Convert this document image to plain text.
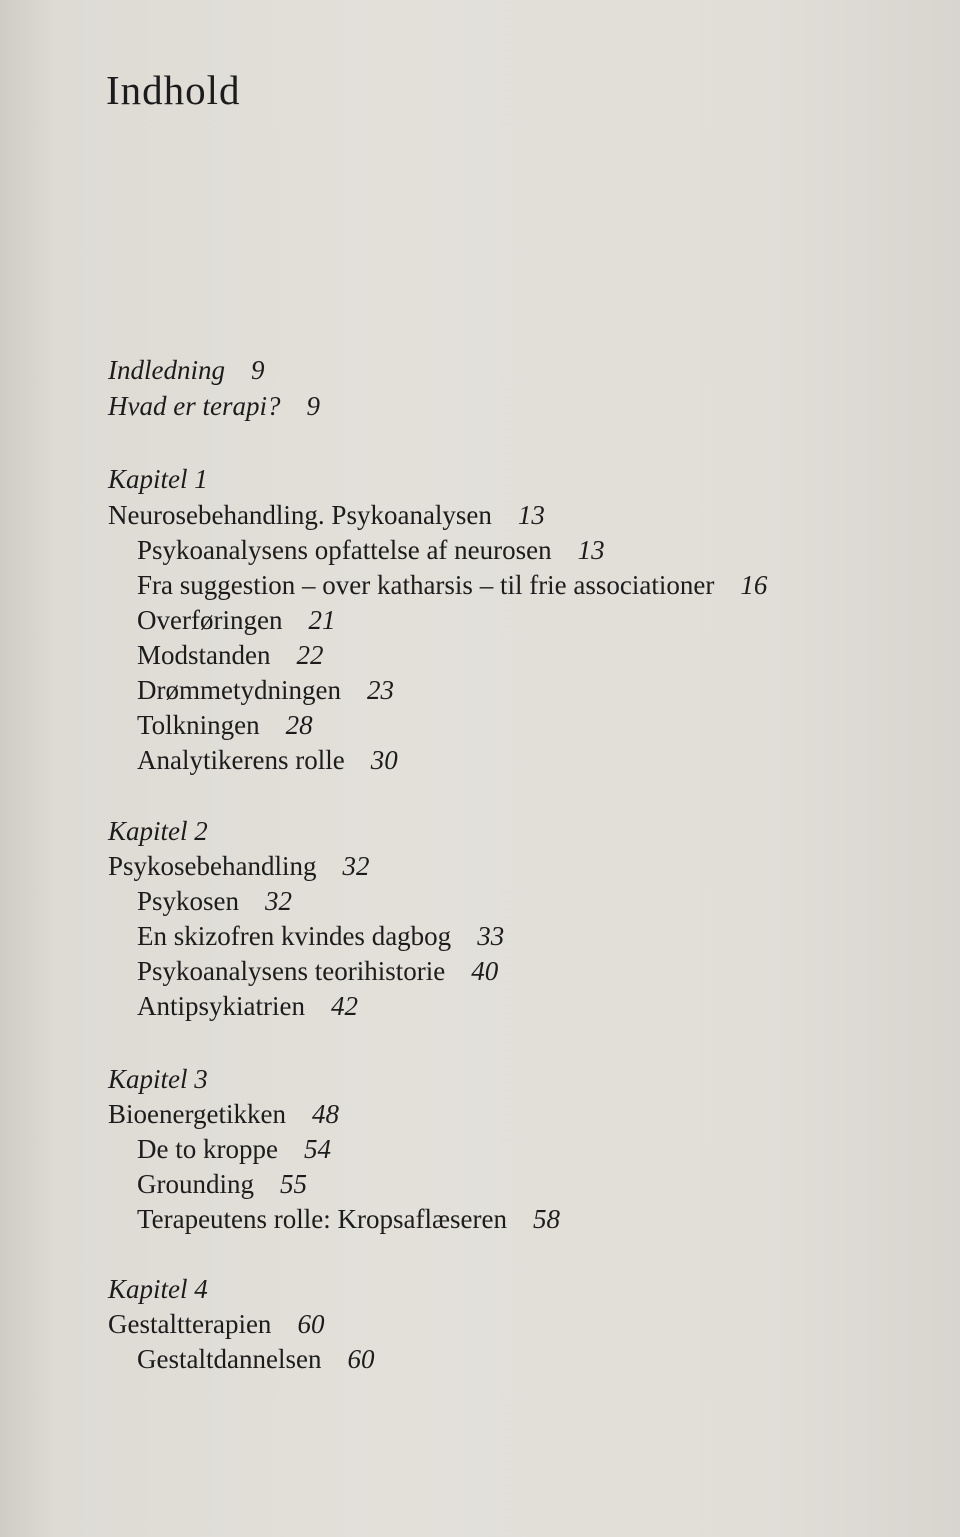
Indhold
Indledning 9
Hvad er terapi? 9
Kapitel 1
Neurosebehandling. Psykoanalysen 13
Psykoanalysens opfattelse af neurosen 13
Fra suggestion – over katharsis – til frie associationer 16
Overføringen 21
Modstanden 22
Drømmetydningen 23
Tolkningen 28
Analytikerens rolle 30
Kapitel 2
Psykosebehandling 32
Psykosen 32
En skizofren kvindes dagbog 33
Psykoanalysens teorihistorie 40
Antipsykiatrien 42
Kapitel 3
Bioenergetikken 48
De to kroppe 54
Grounding 55
Terapeutens rolle: Kropsaflæseren 58
Kapitel 4
Gestaltterapien 60
Gestaltdannelsen 60
